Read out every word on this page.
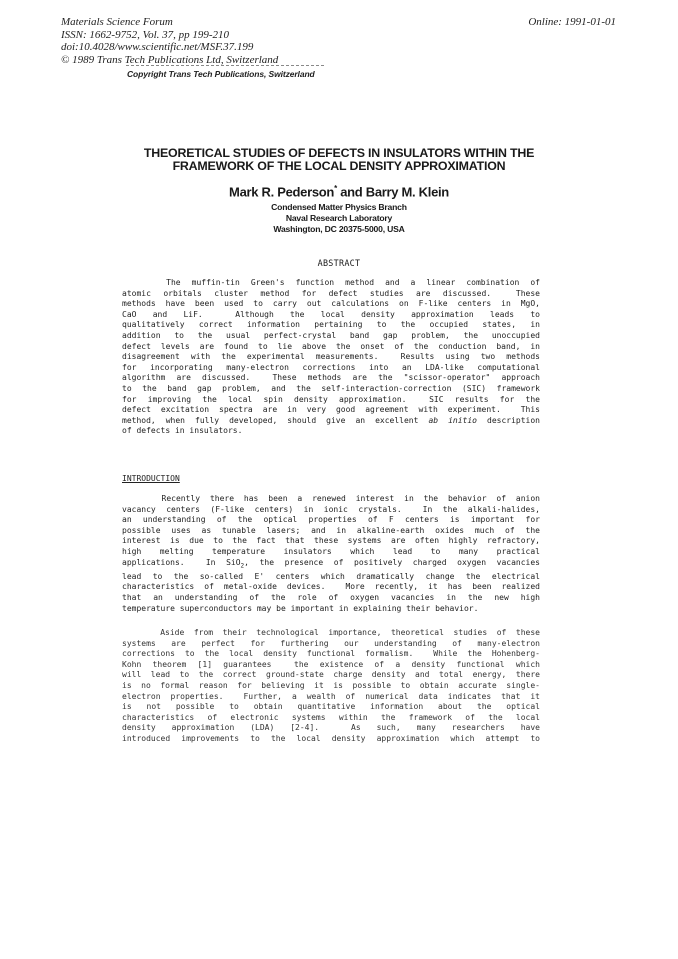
Materials Science Forum
ISSN: 1662-9752, Vol. 37, pp 199-210
doi:10.4028/www.scientific.net/MSF.37.199
© 1989 Trans Tech Publications Ltd, Switzerland
Online: 1991-01-01
Copyright Trans Tech Publications, Switzerland
THEORETICAL STUDIES OF DEFECTS IN INSULATORS WITHIN THE
FRAMEWORK OF THE LOCAL DENSITY APPROXIMATION
Mark R. Pederson* and Barry M. Klein
Condensed Matter Physics Branch
Naval Research Laboratory
Washington, DC 20375-5000, USA
ABSTRACT
The muffin-tin Green's function method and a linear combination of
atomic orbitals cluster method for defect studies are discussed.  These
methods have been used to carry out calculations on F-like centers in MgO,
CaO  and  LiF.    Although  the  local  density  approximation  leads  to
qualitatively correct information pertaining to the occupied states, in
addition to the usual perfect-crystal band gap problem, the unoccupied
defect levels are found to lie above the onset of the conduction band, in
disagreement with the experimental measurements.  Results using two methods
for incorporating many-electron corrections into an LDA-like computational
algorithm are discussed.  These methods are the "scissor-operator" approach
to the band gap problem, and the self-interaction-correction (SIC) framework
for improving the local spin density approximation.  SIC results for the
defect excitation spectra are in very good agreement with experiment.  This
method, when fully developed, should give an excellent ab initio description
of defects in insulators.
INTRODUCTION
Recently there has been a renewed interest in the behavior of anion
vacancy centers (F-like centers) in ionic crystals.  In the alkali-halides,
an understanding of the optical properties of F centers is important for
possible uses as tunable lasers; and in alkaline-earth oxides much of the
interest is due to the fact that these systems are often highly refractory,
high  melting  temperature  insulators  which  lead  to  many  practical
applications.  In SiO$_2$, the presence of positively charged oxygen vacancies
lead to the so-called E' centers which dramatically change the electrical
characteristics of metal-oxide devices.  More recently, it has been realized
that an understanding of the role of oxygen vacancies in the new high
temperature superconductors may be important in explaining their behavior.
Aside from their technological importance, theoretical studies of these
systems  are  perfect  for  furthering  our  understanding  of  many-electron
corrections to the local density functional formalism.  While the Hohenberg-
Kohn theorem [1] guarantees  the existence of a density functional which
will lead to the correct ground-state charge density and total energy, there
is no formal reason for believing it is possible to obtain accurate single-
electron properties.  Further, a wealth of numerical data indicates that it
is  not  possible  to  obtain  quantitative  information  about  the  optical
characteristics  of  electronic  systems  within  the  framework  of  the  local
density  approximation  (LDA)  [2-4].    As  such,  many  researchers  have
introduced improvements to the local density approximation which attempt to
